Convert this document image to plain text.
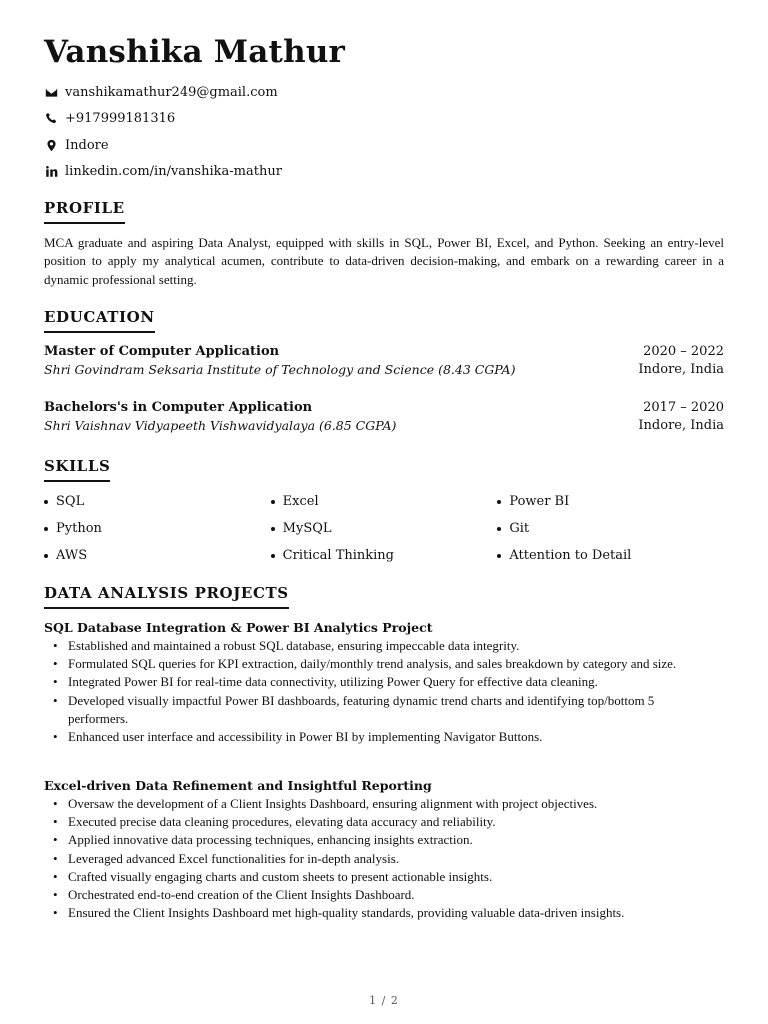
Vanshika Mathur
vanshikamathur249@gmail.com
+917999181316
Indore
linkedin.com/in/vanshika-mathur
PROFILE

MCA graduate and aspiring Data Analyst, equipped with skills in SQL, Power BI, Excel, and Python. Seeking an entry-level position to apply my analytical acumen, contribute to data-driven decision-making, and embark on a rewarding career in a dynamic professional setting.

EDUCATION
Master of Computer Application	2020 – 2022
Shri Govindram Seksaria Institute of Technology and Science (8.43 CGPA)	Indore, India
Bachelors's in Computer Application	2017 – 2020
Shri Vaishnav Vidyapeeth Vishwavidyalaya (6.85 CGPA)	Indore, India
SKILLS
SQL	Excel	Power BI
Python	MySQL	Git
AWS	Critical Thinking	Attention to Detail
DATA ANALYSIS PROJECTS
SQL Database Integration & Power BI Analytics Project
• Established and maintained a robust SQL database, ensuring impeccable data integrity.
• Formulated SQL queries for KPI extraction, daily/monthly trend analysis, and sales breakdown by category and size.
• Integrated Power BI for real-time data connectivity, utilizing Power Query for effective data cleaning.
• Developed visually impactful Power BI dashboards, featuring dynamic trend charts and identifying top/bottom 5 performers.
• Enhanced user interface and accessibility in Power BI by implementing Navigator Buttons.
Excel-driven Data Refinement and Insightful Reporting
• Oversaw the development of a Client Insights Dashboard, ensuring alignment with project objectives.
• Executed precise data cleaning procedures, elevating data accuracy and reliability.
• Applied innovative data processing techniques, enhancing insights extraction.
• Leveraged advanced Excel functionalities for in-depth analysis.
• Crafted visually engaging charts and custom sheets to present actionable insights.
• Orchestrated end-to-end creation of the Client Insights Dashboard.
• Ensured the Client Insights Dashboard met high-quality standards, providing valuable data-driven insights.
1 / 2
